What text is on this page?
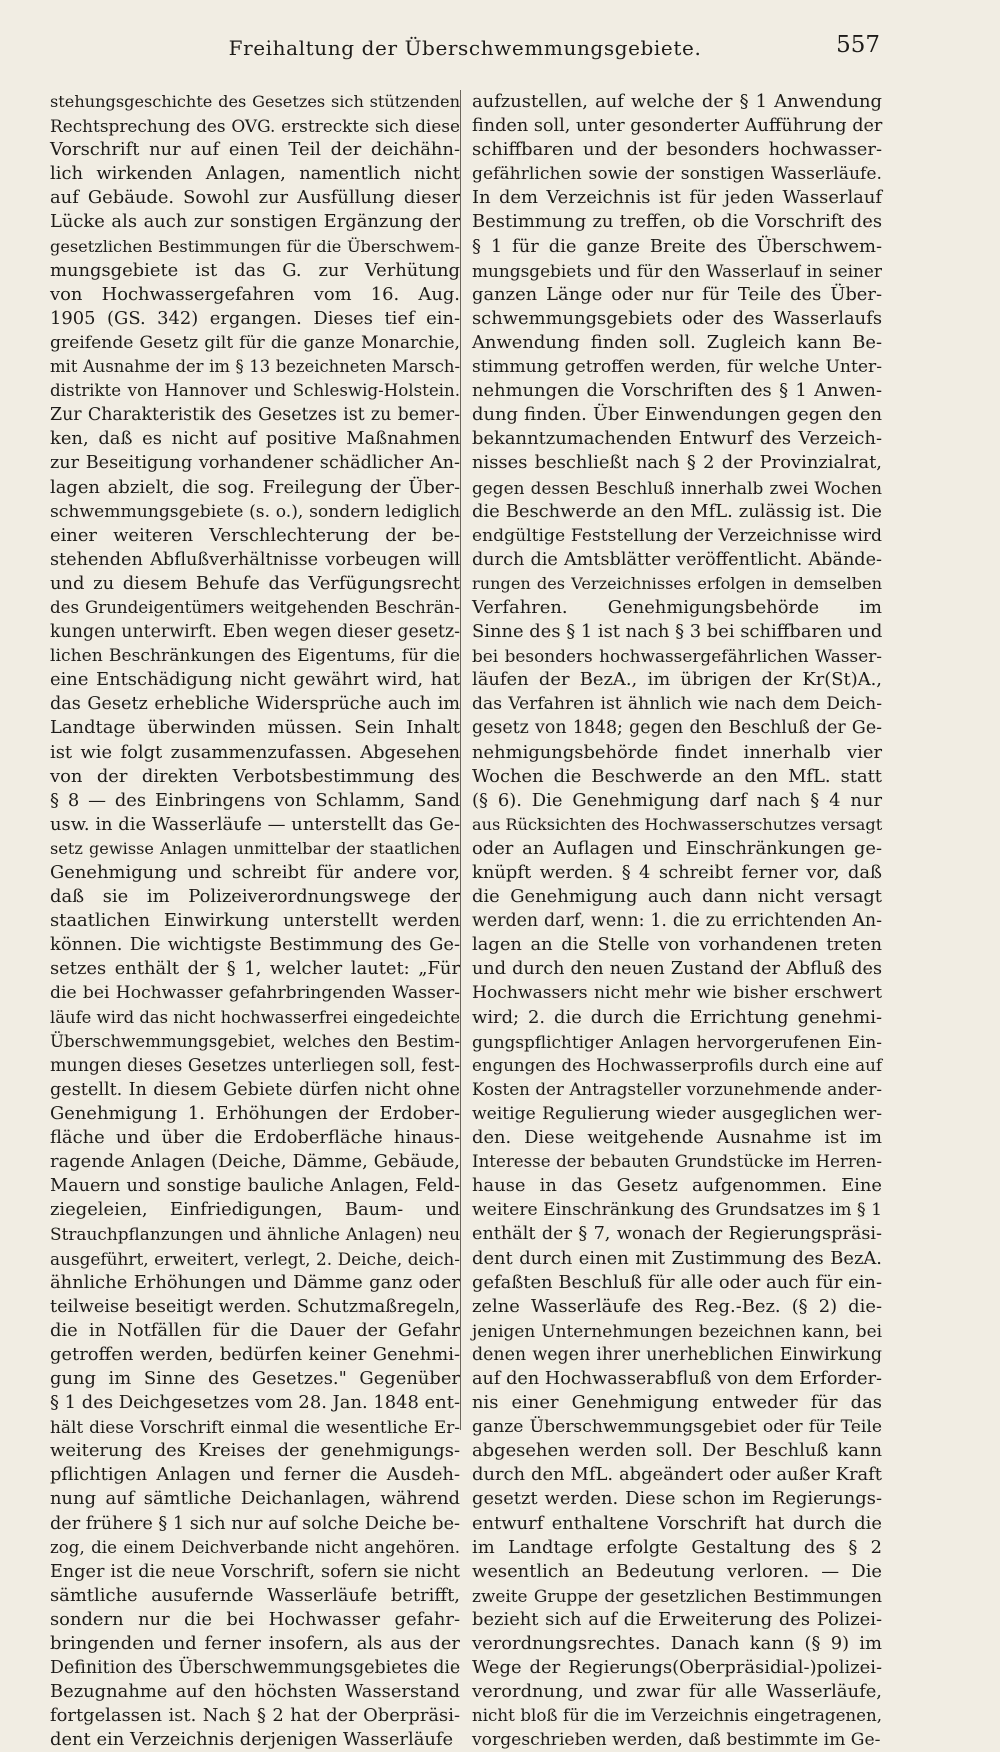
Freihaltung der Überschwemmungsgebiete.	557
stehungsgeschichte des Gesetzes sich stützenden
Rechtsprechung des OVG. erstreckte sich diese
Vorschrift nur auf einen Teil der deichähn-
lich wirkenden Anlagen, namentlich nicht
auf Gebäude. Sowohl zur Ausfüllung dieser
Lücke als auch zur sonstigen Ergänzung der
gesetzlichen Bestimmungen für die Überschwem-
mungsgebiete ist das G. zur Verhütung
von Hochwassergefahren vom 16. Aug.
1905 (GS. 342) ergangen. Dieses tief ein-
greifende Gesetz gilt für die ganze Monarchie,
mit Ausnahme der im § 13 bezeichneten Marsch-
distrikte von Hannover und Schleswig-Holstein.
Zur Charakteristik des Gesetzes ist zu bemer-
ken, daß es nicht auf positive Maßnahmen
zur Beseitigung vorhandener schädlicher An-
lagen abzielt, die sog. Freilegung der Über-
schwemmungsgebiete (s. o.), sondern lediglich
einer weiteren Verschlechterung der be-
stehenden Abflußverhältnisse vorbeugen will
und zu diesem Behufe das Verfügungsrecht
des Grundeigentümers weitgehenden Beschrän-
kungen unterwirft. Eben wegen dieser gesetz-
lichen Beschränkungen des Eigentums, für die
eine Entschädigung nicht gewährt wird, hat
das Gesetz erhebliche Widersprüche auch im
Landtage überwinden müssen. Sein Inhalt
ist wie folgt zusammenzufassen. Abgesehen
von der direkten Verbotsbestimmung des
§ 8 — des Einbringens von Schlamm, Sand
usw. in die Wasserläufe — unterstellt das Ge-
setz gewisse Anlagen unmittelbar der staatlichen
Genehmigung und schreibt für andere vor,
daß sie im Polizeiverordnungswege der
staatlichen Einwirkung unterstellt werden
können. Die wichtigste Bestimmung des Ge-
setzes enthält der § 1, welcher lautet: „Für
die bei Hochwasser gefahrbringenden Wasser-
läufe wird das nicht hochwasserfrei eingedeichte
Überschwemmungsgebiet, welches den Bestim-
mungen dieses Gesetzes unterliegen soll, fest-
gestellt. In diesem Gebiete dürfen nicht ohne
Genehmigung 1. Erhöhungen der Erdober-
fläche und über die Erdoberfläche hinaus-
ragende Anlagen (Deiche, Dämme, Gebäude,
Mauern und sonstige bauliche Anlagen, Feld-
ziegeleien, Einfriedigungen, Baum- und
Strauchpflanzungen und ähnliche Anlagen) neu
ausgeführt, erweitert, verlegt, 2. Deiche, deich-
ähnliche Erhöhungen und Dämme ganz oder
teilweise beseitigt werden. Schutzmaßregeln,
die in Notfällen für die Dauer der Gefahr
getroffen werden, bedürfen keiner Genehmi-
gung im Sinne des Gesetzes." Gegenüber
§ 1 des Deichgesetzes vom 28. Jan. 1848 ent-
hält diese Vorschrift einmal die wesentliche Er-
weiterung des Kreises der genehmigungs-
pflichtigen Anlagen und ferner die Ausdeh-
nung auf sämtliche Deichanlagen, während
der frühere § 1 sich nur auf solche Deiche be-
zog, die einem Deichverbande nicht angehören.
Enger ist die neue Vorschrift, sofern sie nicht
sämtliche ausufernde Wasserläufe betrifft,
sondern nur die bei Hochwasser gefahr-
bringenden und ferner insofern, als aus der
Definition des Überschwemmungsgebietes die
Bezugnahme auf den höchsten Wasserstand
fortgelassen ist. Nach § 2 hat der Oberpräsi-
dent ein Verzeichnis derjenigen Wasserläufe
aufzustellen, auf welche der § 1 Anwendung
finden soll, unter gesonderter Aufführung der
schiffbaren und der besonders hochwasser-
gefährlichen sowie der sonstigen Wasserläufe.
In dem Verzeichnis ist für jeden Wasserlauf
Bestimmung zu treffen, ob die Vorschrift des
§ 1 für die ganze Breite des Überschwem-
mungsgebiets und für den Wasserlauf in seiner
ganzen Länge oder nur für Teile des Über-
schwemmungsgebiets oder des Wasserlaufs
Anwendung finden soll. Zugleich kann Be-
stimmung getroffen werden, für welche Unter-
nehmungen die Vorschriften des § 1 Anwen-
dung finden. Über Einwendungen gegen den
bekanntzumachenden Entwurf des Verzeich-
nisses beschließt nach § 2 der Provinzialrat,
gegen dessen Beschluß innerhalb zwei Wochen
die Beschwerde an den MfL. zulässig ist. Die
endgültige Feststellung der Verzeichnisse wird
durch die Amtsblätter veröffentlicht. Abände-
rungen des Verzeichnisses erfolgen in demselben
Verfahren. Genehmigungsbehörde im
Sinne des § 1 ist nach § 3 bei schiffbaren und
bei besonders hochwassergefährlichen Wasser-
läufen der BezA., im übrigen der Kr(St)A.,
das Verfahren ist ähnlich wie nach dem Deich-
gesetz von 1848; gegen den Beschluß der Ge-
nehmigungsbehörde findet innerhalb vier
Wochen die Beschwerde an den MfL. statt
(§ 6). Die Genehmigung darf nach § 4 nur
aus Rücksichten des Hochwasserschutzes versagt
oder an Auflagen und Einschränkungen ge-
knüpft werden. § 4 schreibt ferner vor, daß
die Genehmigung auch dann nicht versagt
werden darf, wenn: 1. die zu errichtenden An-
lagen an die Stelle von vorhandenen treten
und durch den neuen Zustand der Abfluß des
Hochwassers nicht mehr wie bisher erschwert
wird; 2. die durch die Errichtung genehmi-
gungspflichtiger Anlagen hervorgerufenen Ein-
engungen des Hochwasserprofils durch eine auf
Kosten der Antragsteller vorzunehmende ander-
weitige Regulierung wieder ausgeglichen wer-
den. Diese weitgehende Ausnahme ist im
Interesse der bebauten Grundstücke im Herren-
hause in das Gesetz aufgenommen. Eine
weitere Einschränkung des Grundsatzes im § 1
enthält der § 7, wonach der Regierungspräsi-
dent durch einen mit Zustimmung des BezA.
gefaßten Beschluß für alle oder auch für ein-
zelne Wasserläufe des Reg.-Bez. (§ 2) die-
jenigen Unternehmungen bezeichnen kann, bei
denen wegen ihrer unerheblichen Einwirkung
auf den Hochwasserabfluß von dem Erforder-
nis einer Genehmigung entweder für das
ganze Überschwemmungsgebiet oder für Teile
abgesehen werden soll. Der Beschluß kann
durch den MfL. abgeändert oder außer Kraft
gesetzt werden. Diese schon im Regierungs-
entwurf enthaltene Vorschrift hat durch die
im Landtage erfolgte Gestaltung des § 2
wesentlich an Bedeutung verloren. — Die
zweite Gruppe der gesetzlichen Bestimmungen
bezieht sich auf die Erweiterung des Polizei-
verordnungsrechtes. Danach kann (§ 9) im
Wege der Regierungs(Oberpräsidial-)polizei-
verordnung, und zwar für alle Wasserläufe,
nicht bloß für die im Verzeichnis eingetragenen,
vorgeschrieben werden, daß bestimmte im Ge-
